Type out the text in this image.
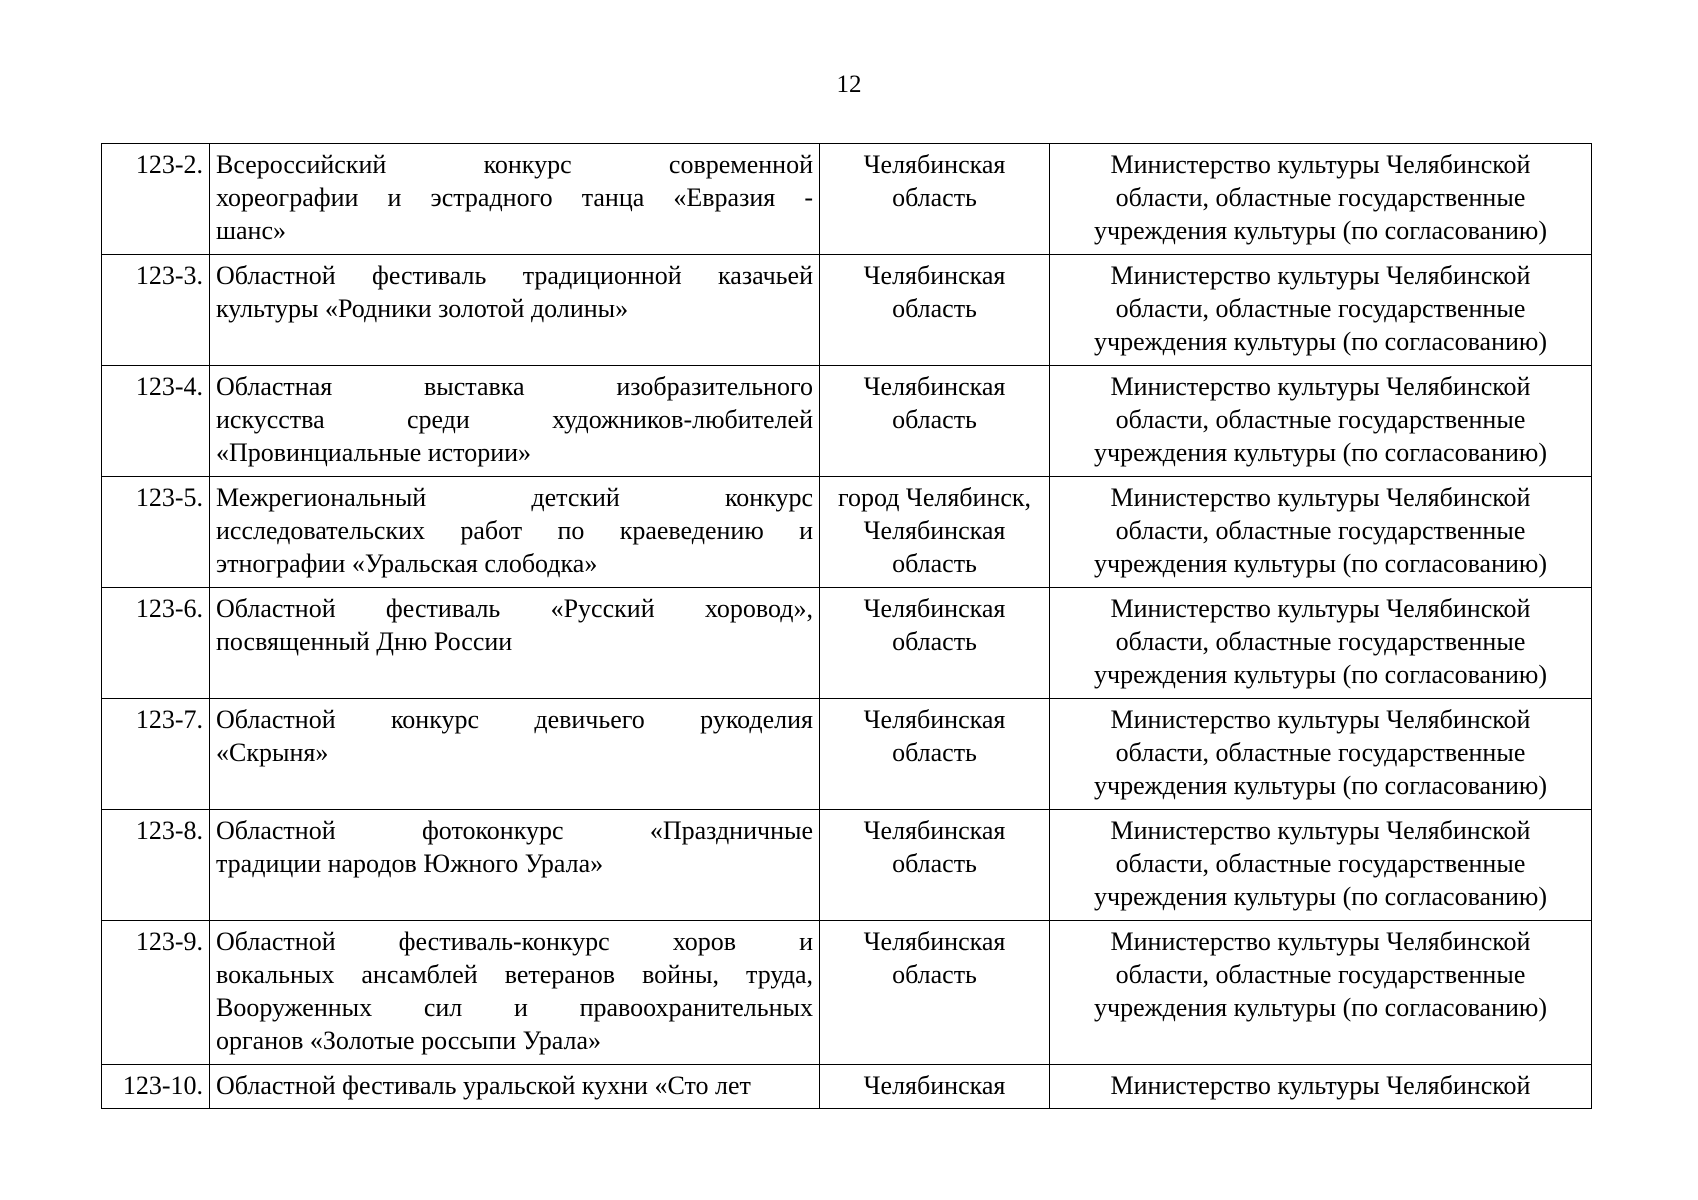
12
123-2.	Всероссийский конкурс современной
хореографии и эстрадного танца «Евразия -
шанс»	Челябинская
область	Министерство культуры Челябинской
области, областные государственные
учреждения культуры (по согласованию)

123-3.	Областной фестиваль традиционной казачьей
культуры «Родники золотой долины»	Челябинская
область	Министерство культуры Челябинской
области, областные государственные
учреждения культуры (по согласованию)

123-4.	Областная выставка изобразительного
искусства среди художников-любителей
«Провинциальные истории»	Челябинская
область	Министерство культуры Челябинской
области, областные государственные
учреждения культуры (по согласованию)

123-5.	Межрегиональный детский конкурс
исследовательских работ по краеведению и
этнографии «Уральская слободка»	город Челябинск,
Челябинская
область	Министерство культуры Челябинской
области, областные государственные
учреждения культуры (по согласованию)

123-6.	Областной фестиваль «Русский хоровод»,
посвященный Дню России	Челябинская
область	Министерство культуры Челябинской
области, областные государственные
учреждения культуры (по согласованию)

123-7.	Областной конкурс девичьего рукоделия
«Скрыня»	Челябинская
область	Министерство культуры Челябинской
области, областные государственные
учреждения культуры (по согласованию)

123-8.	Областной фотоконкурс «Праздничные
традиции народов Южного Урала»	Челябинская
область	Министерство культуры Челябинской
области, областные государственные
учреждения культуры (по согласованию)

123-9.	Областной фестиваль-конкурс хоров и
вокальных ансамблей ветеранов войны, труда,
Вооруженных сил и правоохранительных
органов «Золотые россыпи Урала»	Челябинская
область	Министерство культуры Челябинской
области, областные государственные
учреждения культуры (по согласованию)

123-10.	Областной фестиваль уральской кухни «Сто лет	Челябинская	Министерство культуры Челябинской
